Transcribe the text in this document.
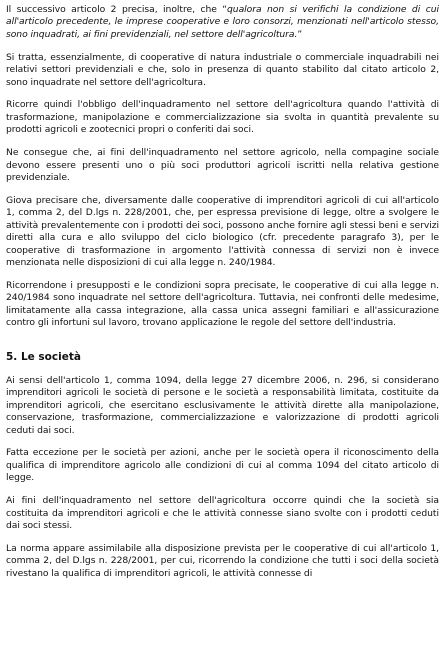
Il successivo articolo 2 precisa, inoltre, che “qualora non si verifichi la condizione di cui all'articolo precedente, le imprese cooperative e loro consorzi, menzionati nell'articolo stesso, sono inquadrati, ai fini previdenziali, nel settore dell'agricoltura.”

Si tratta, essenzialmente, di cooperative di natura industriale o commerciale inquadrabili nei relativi settori previdenziali e che, solo in presenza di quanto stabilito dal citato articolo 2, sono inquadrate nel settore dell'agricoltura.

Ricorre quindi l'obbligo dell'inquadramento nel settore dell'agricoltura quando l'attività di trasformazione, manipolazione e commercializzazione sia svolta in quantità prevalente su prodotti agricoli e zootecnici propri o conferiti dai soci.

Ne consegue che, ai fini dell'inquadramento nel settore agricolo, nella compagine sociale devono essere presenti uno o più soci produttori agricoli iscritti nella relativa gestione previdenziale.

Giova precisare che, diversamente dalle cooperative di imprenditori agricoli di cui all'articolo 1, comma 2, del D.lgs n. 228/2001, che, per espressa previsione di legge, oltre a svolgere le attività prevalentemente con i prodotti dei soci, possono anche fornire agli stessi beni e servizi diretti alla cura e allo sviluppo del ciclo biologico (cfr. precedente paragrafo 3), per le cooperative di trasformazione in argomento l'attività connessa di servizi non è invece menzionata nelle disposizioni di cui alla legge n. 240/1984.

Ricorrendone i presupposti e le condizioni sopra precisate, le cooperative di cui alla legge n. 240/1984 sono inquadrate nel settore dell'agricoltura. Tuttavia, nei confronti delle medesime, limitatamente alla cassa integrazione, alla cassa unica assegni familiari e all'assicurazione contro gli infortuni sul lavoro, trovano applicazione le regole del settore dell'industria.

5. Le società

Ai sensi dell'articolo 1, comma 1094, della legge 27 dicembre 2006, n. 296, si considerano imprenditori agricoli le società di persone e le società a responsabilità limitata, costituite da imprenditori agricoli, che esercitano esclusivamente le attività dirette alla manipolazione, conservazione, trasformazione, commercializzazione e valorizzazione di prodotti agricoli ceduti dai soci.

Fatta eccezione per le società per azioni, anche per le società opera il riconoscimento della qualifica di imprenditore agricolo alle condizioni di cui al comma 1094 del citato articolo di legge.

Ai fini dell'inquadramento nel settore dell'agricoltura occorre quindi che la società sia costituita da imprenditori agricoli e che le attività connesse siano svolte con i prodotti ceduti dai soci stessi.

La norma appare assimilabile alla disposizione prevista per le cooperative di cui all'articolo 1, comma 2, del D.lgs n. 228/2001, per cui, ricorrendo la condizione che tutti i soci della società rivestano la qualifica di imprenditori agricoli, le attività connesse di
